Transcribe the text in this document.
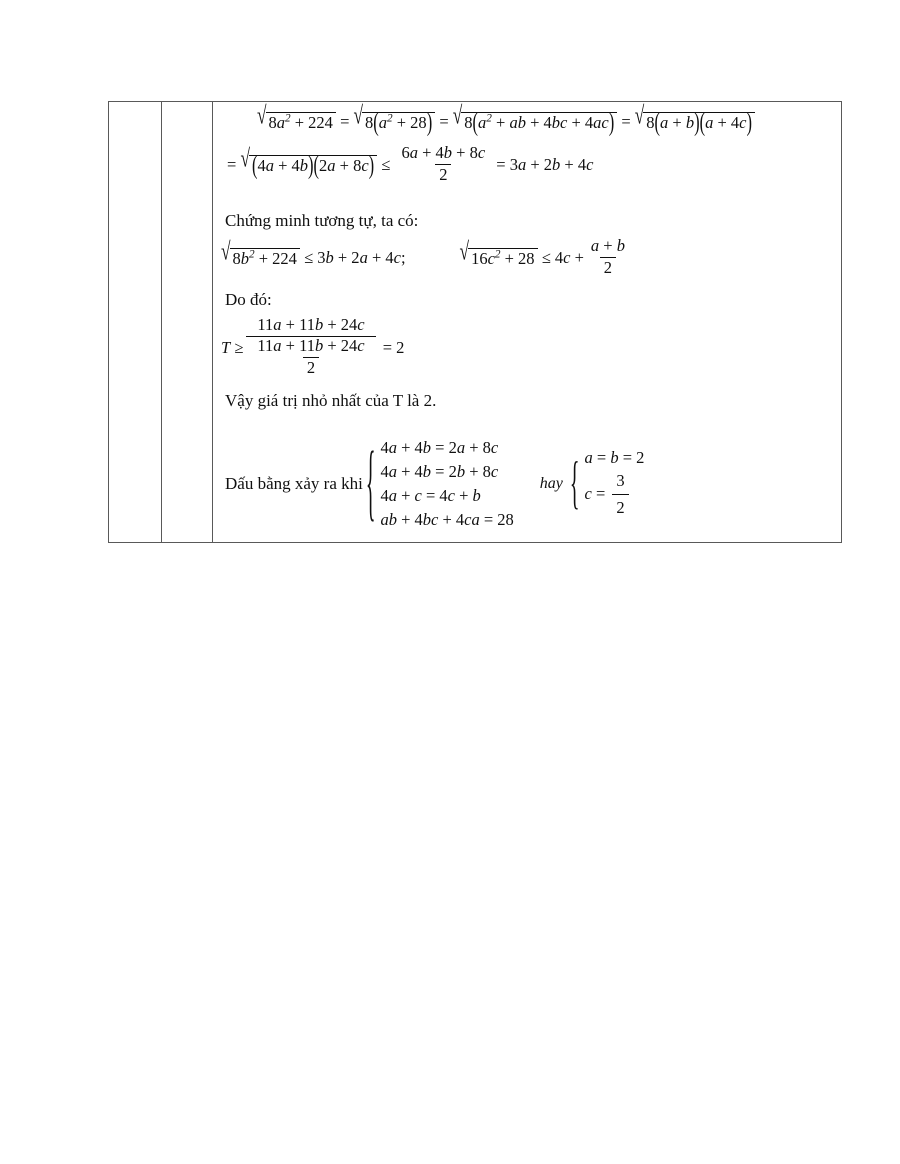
√ $8a^2 + 224$ = √ $8(a^2 + 28)$ = √ $8(a^2$ + ab + 4bc + 4ac) = √ 8(a + b)(a + 4c)
= √ $(4a + 4b)(2a + 8c) \le \frac{6a + 4b + 8c}{2} = 3a + 2b + 4c$
Chứng minh tương tự, ta có:
√ $8b^2 + 224 \le 3b + 2a + 4c$;	√ $16c^2 + 28 \le 4c + \frac{a + b}{2}$
Do đó:
$T \ge \frac{11a + 11b + 24c}{\frac{11a + 11b + 24c}{2}} = 2$
Vậy giá trị nhỏ nhất của T là 2.
Dấu bằng xảy ra khi { 4a + 4b = 2a + 8c
4a + 4b = 2b + 8c
4a + c = 4c + b
ab + 4bc + 4ca = 28
hay { a = b = 2
$c = \frac{3}{2}$
